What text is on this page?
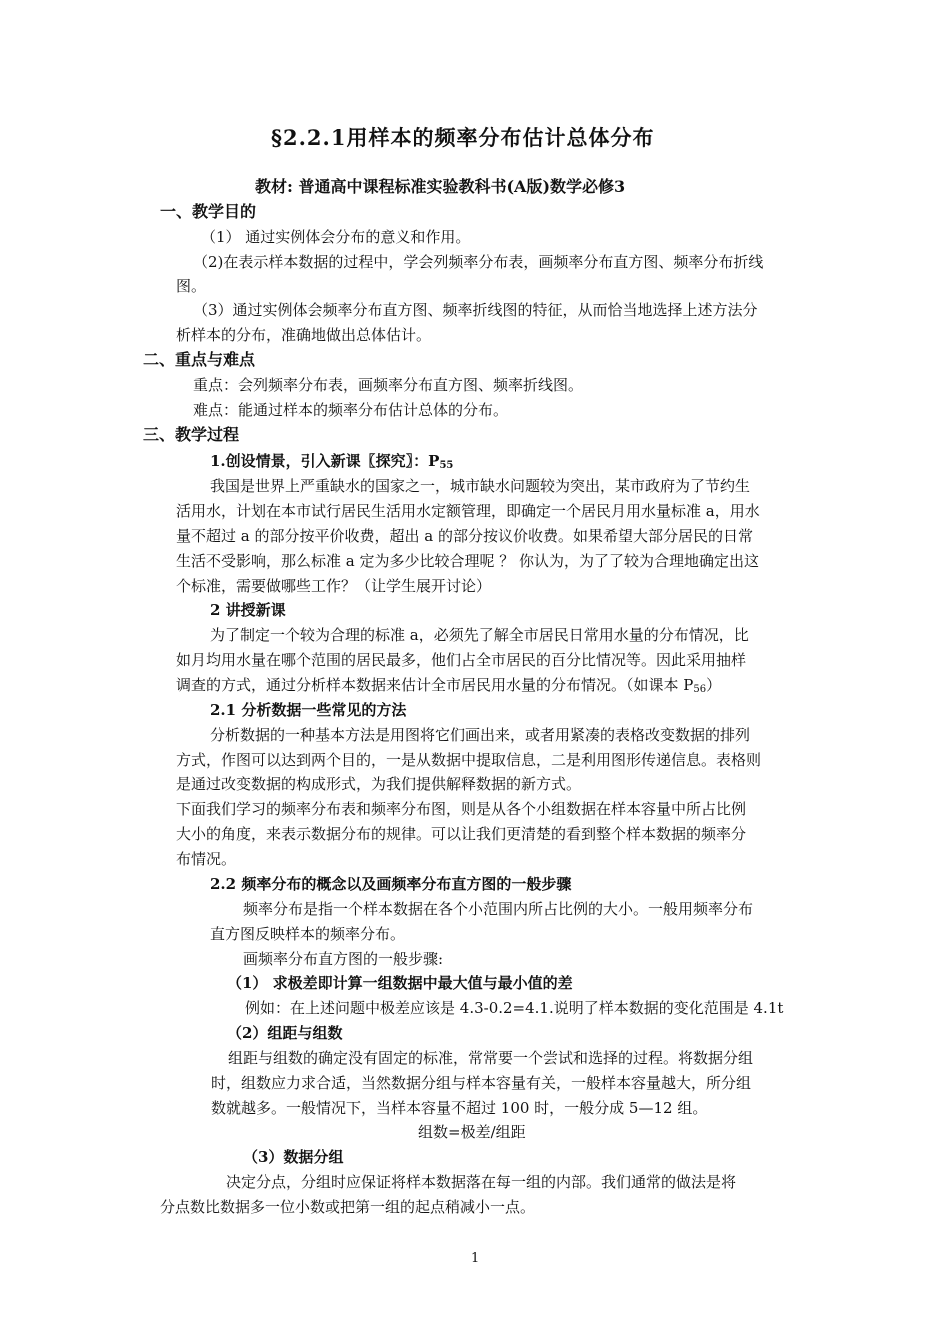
§2.2.1用样本的频率分布估计总体分布
教材: 普通高中课程标准实验教科书(A版)数学必修3
一、教学目的
（1） 通过实例体会分布的意义和作用。
（2)在表示样本数据的过程中，学会列频率分布表，画频率分布直方图、频率分布折线
图。
（3）通过实例体会频率分布直方图、频率折线图的特征，从而恰当地选择上述方法分
析样本的分布，准确地做出总体估计。
二、重点与难点
重点：会列频率分布表，画频率分布直方图、频率折线图。
难点：能通过样本的频率分布估计总体的分布。
三、教学过程
1.创设情景，引入新课〖探究〗：$P_{55}$
我国是世界上严重缺水的国家之一，城市缺水问题较为突出，某市政府为了节约生
活用水，计划在本市试行居民生活用水定额管理，即确定一个居民月用水量标准 a，用水
量不超过 a 的部分按平价收费，超出 a 的部分按议价收费。如果希望大部分居民的日常
生活不受影响，那么标准 a 定为多少比较合理呢 ？ 你认为，为了了较为合理地确定出这
个标准，需要做哪些工作？（让学生展开讨论）
2 讲授新课
为了制定一个较为合理的标准 a，必须先了解全市居民日常用水量的分布情况，比
如月均用水量在哪个范围的居民最多，他们占全市居民的百分比情况等。因此采用抽样
调查的方式，通过分析样本数据来估计全市居民用水量的分布情况。（如课本 $P_{56}$）
2.1 分析数据一些常见的方法
分析数据的一种基本方法是用图将它们画出来，或者用紧凑的表格改变数据的排列
方式，作图可以达到两个目的，一是从数据中提取信息，二是利用图形传递信息。表格则
是通过改变数据的构成形式，为我们提供解释数据的新方式。
下面我们学习的频率分布表和频率分布图，则是从各个小组数据在样本容量中所占比例
大小的角度，来表示数据分布的规律。可以让我们更清楚的看到整个样本数据的频率分
布情况。
2.2 频率分布的概念以及画频率分布直方图的一般步骤
频率分布是指一个样本数据在各个小范围内所占比例的大小。一般用频率分布
直方图反映样本的频率分布。
画频率分布直方图的一般步骤:
（1） 求极差即计算一组数据中最大值与最小值的差
例如：在上述问题中极差应该是 4.3-0.2=4.1.说明了样本数据的变化范围是 4.1t
（2）组距与组数
组距与组数的确定没有固定的标准，常常要一个尝试和选择的过程。将数据分组
时，组数应力求合适，当然数据分组与样本容量有关，一般样本容量越大，所分组
数就越多。一般情况下，当样本容量不超过 100 时，一般分成 5—12 组。
组数=极差/组距
（3）数据分组
决定分点，分组时应保证将样本数据落在每一组的内部。我们通常的做法是将
分点数比数据多一位小数或把第一组的起点稍减小一点。
1
